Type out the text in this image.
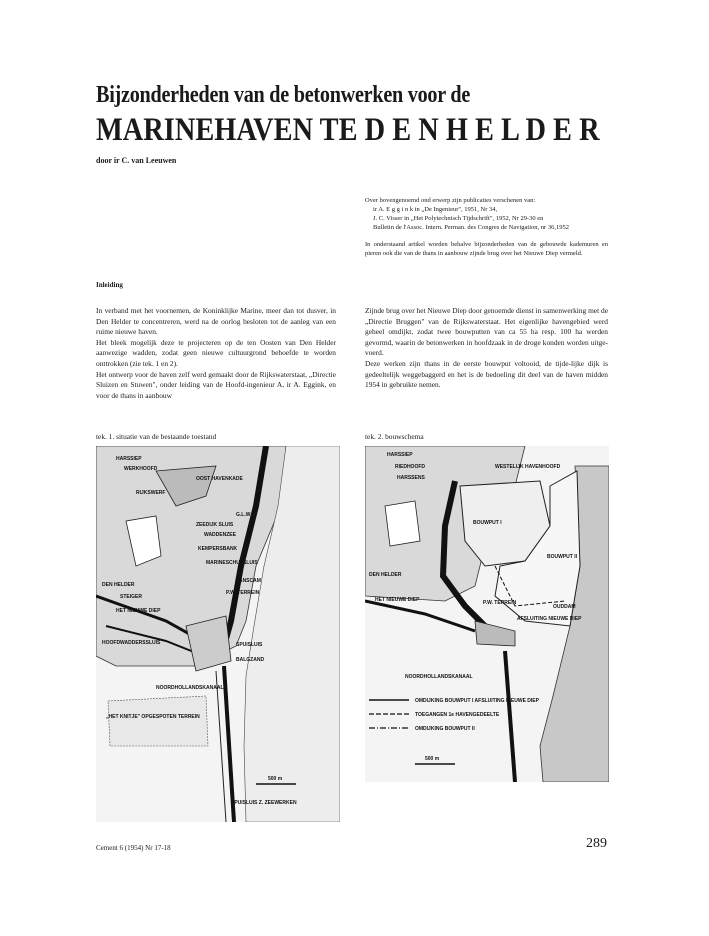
Bijzonderheden van de betonwerken voor de
MARINEHAVEN TE D E N H E L D E R
door ir C. van Leeuwen
Over bovengenoemd ond erwerp zijn publicaties verschenen van:
ir A. E g g i n k in „De Ingenieur", 1951, Nr 34,
J. C. Visser in „Het Polytechnisch Tijdschrift", 1952, Nr 29-30 en
Bulletin de l'Assoc. Intern. Perman. des Congres de Navigation, nr 36,1952
In onderstaand artikel worden behalve bijzonderheden van de gebouwde kademuren en pieren ook die van de thans in aanbouw zijnde brug over het Nieuwe Diep vermeld.
Inleiding
In verband met het voornemen, de Koninklijke Marine, meer dan tot dusver, in Den Helder te concentreren, werd na de oorlog besloten tot de aanleg van een ruime nieuwe haven.
Het bleek mogelijk deze te projecteren op de ten Oosten van Den Helder aanwezige wadden, zodat geen nieuwe cultuurgrond behoefde te worden onttrokken (zie tek. 1 en 2).
Het ontwerp voor de haven zelf werd gemaakt door de Rijkswaterstaat, „Directie Sluizen en Stuwen", onder leiding van de Hoofd-ingenieur A, ir A. Eggink, en voor de thans in aanbouw
Zijnde brug over het Nieuwe Diep door genoemde dienst in samenwerking met de „Directie Bruggen" van de Rijkswaterstaat. Het eigenlijke havengebied werd geheel omdijkt, zodat twee bouwputten van ca 55 ha resp. 100 ha werden gevormd, waarin de betonwerken in hoofdzaak in de droge konden worden uitge-voerd.
Deze werken zijn thans in de eerste bouwput voltooid, de tijde-lijke dijk is gedeeltelijk weggebaggerd en het is de bedoeling dit deel van de haven midden 1954 in gebruikte nemen.
tek. 1. situatie van de bestaande toestand	tek. 2. bouwschema
HARSSIEP
WERKHOOFD
OOST HAVENKADE
RIJKSWERF
G.L.W.
ZEEDIJK SLUIS
WADDENZEE
KEMPERSBANK
MARINESCHUTSLUIS
DEN HELDER
VANSCAM
STEIGER
P.W. TERREIN
HET NIEUWE DIEP
HOOFDWADDERSSLUIS	SPUISLUIS
BALGZAND
NOORDHOLLANDSKANAAL
„HET KNITJE" OPGESPOTEN TERREIN
500 m
SPUISLUIS Z. ZEEWERKEN
HARSSIEP
RIEDHOOFD	WESTELIJK HAVENHOOFD
HARSSENS
BOUWPUT I
BOUWPUT II
DEN HELDER
HET NIEUWE DIEP	P.W. TERREIN
OUDDAM
AFSLUITING NIEUWE DIEP
NOORDHOLLANDSKANAAL
500 m
OMDIJKING BOUWPUT I AFSLUITING NIEUWE DIEP
TOEGANGEN 1e HAVENGEDEELTE
OMDIJKING BOUWPUT II
Cement 6 (1954) Nr 17-18	289
